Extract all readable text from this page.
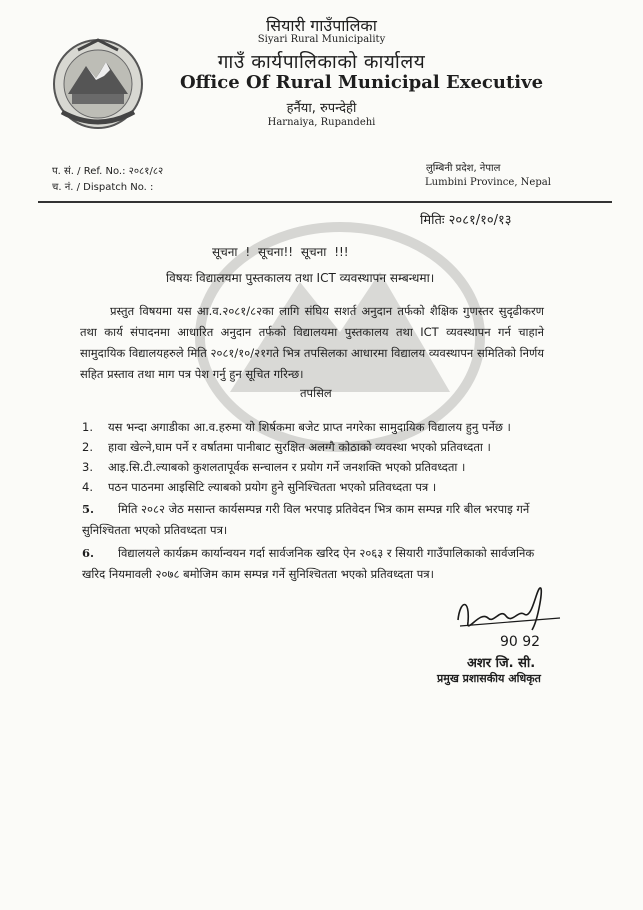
सियारी गाउँपालिका
Siyari Rural Municipality
गाउँ कार्यपालिकाको कार्यालय
Office Of Rural Municipal Executive
हर्नैया, रुपन्देही
Harnaiya, Rupandehi
प. सं. / Ref. No.: २०८१/८२
च. नं. / Dispatch No. :
लुम्बिनी प्रदेश, नेपाल
Lumbini Province, Nepal
मितिः २०८१/१०/१३
सूचना ! सूचना!! सूचना !!!
विषयः विद्यालयमा पुस्तकालय तथा ICT व्यवस्थापन सम्बन्धमा।
प्रस्तुत विषयमा यस आ.व.२०८१/८२का लागि संघिय सशर्त अनुदान तर्फको शैक्षिक गुणस्तर सुदृढीकरण तथा कार्य संपादनमा आधारित अनुदान तर्फको विद्यालयमा पुस्तकालय तथा ICT व्यवस्थापन गर्न चाहाने सामुदायिक विद्यालयहरुले मिति २०८१/१०/२१गते भित्र तपसिलका आधारमा विद्यालय व्यवस्थापन समितिको निर्णय सहित प्रस्ताव तथा माग पत्र पेश गर्नु हुन सूचित गरिन्छ।
तपसिल
1.	यस भन्दा अगाडीका आ.व.हरुमा यो शिर्षकमा बजेट प्राप्त नगरेका सामुदायिक विद्यालय हुनु पर्नेछ ।
2.	हावा खेल्ने,घाम पर्ने र वर्षातमा पानीबाट सुरक्षित अलग्गै कोठाको व्यवस्था भएको प्रतिवध्दता ।
3.	आइ.सि.टी.ल्याबको कुशलतापूर्वक सन्चालन र प्रयोग गर्ने जनशक्ति भएको प्रतिवध्दता ।
4.	पठन पाठनमा आइसिटि ल्याबको प्रयोग हुने सुनिश्चितता भएको प्रतिवध्दता पत्र ।
5. मिति २०८२ जेठ मसान्त कार्यसम्पन्न गरी विल भरपाइ प्रतिवेदन भित्र काम सम्पन्न गरि बील भरपाइ गर्ने सुनिश्चितता भएको प्रतिवध्दता पत्र।
6. विद्यालयले कार्यक्रम कार्यान्वयन गर्दा सार्वजनिक खरिद ऐन २०६३ र सियारी गाउँपालिकाको सार्वजनिक खरिद नियमावली २०७८ बमोजिम काम सम्पन्न गर्ने सुनिश्चितता भएको प्रतिवध्दता पत्र।
90 92
अशर जि. सी.
प्रमुख प्रशासकीय अधिकृत
